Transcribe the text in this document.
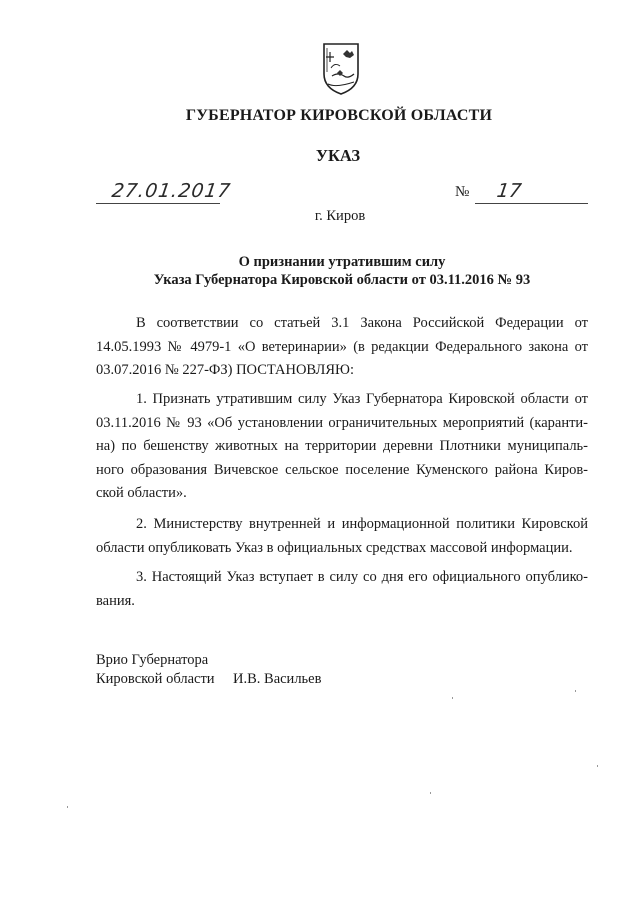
ГУБЕРНАТОР КИРОВСКОЙ ОБЛАСТИ
УКАЗ
27.01.2017	№ 17
г. Киров
О признании утратившим силу
Указа Губернатора Кировской области от 03.11.2016 № 93
В соответствии со статьей 3.1 Закона Российской Федерации от 14.05.1993 № 4979-1 «О ветеринарии» (в редакции Федерального закона от 03.07.2016 № 227-ФЗ) ПОСТАНОВЛЯЮ:
1. Признать утратившим силу Указ Губернатора Кировской области от 03.11.2016 № 93 «Об установлении ограничительных мероприятий (каранти-на) по бешенству животных на территории деревни Плотники муниципаль-ного образования Вичевское сельское поселение Куменского района Киров-ской области».
2. Министерству внутренней и информационной политики Кировской области опубликовать Указ в официальных средствах массовой информации.
3. Настоящий Указ вступает в силу со дня его официального опублико-вания.
Врио Губернатора
Кировской области И.В. Васильев
